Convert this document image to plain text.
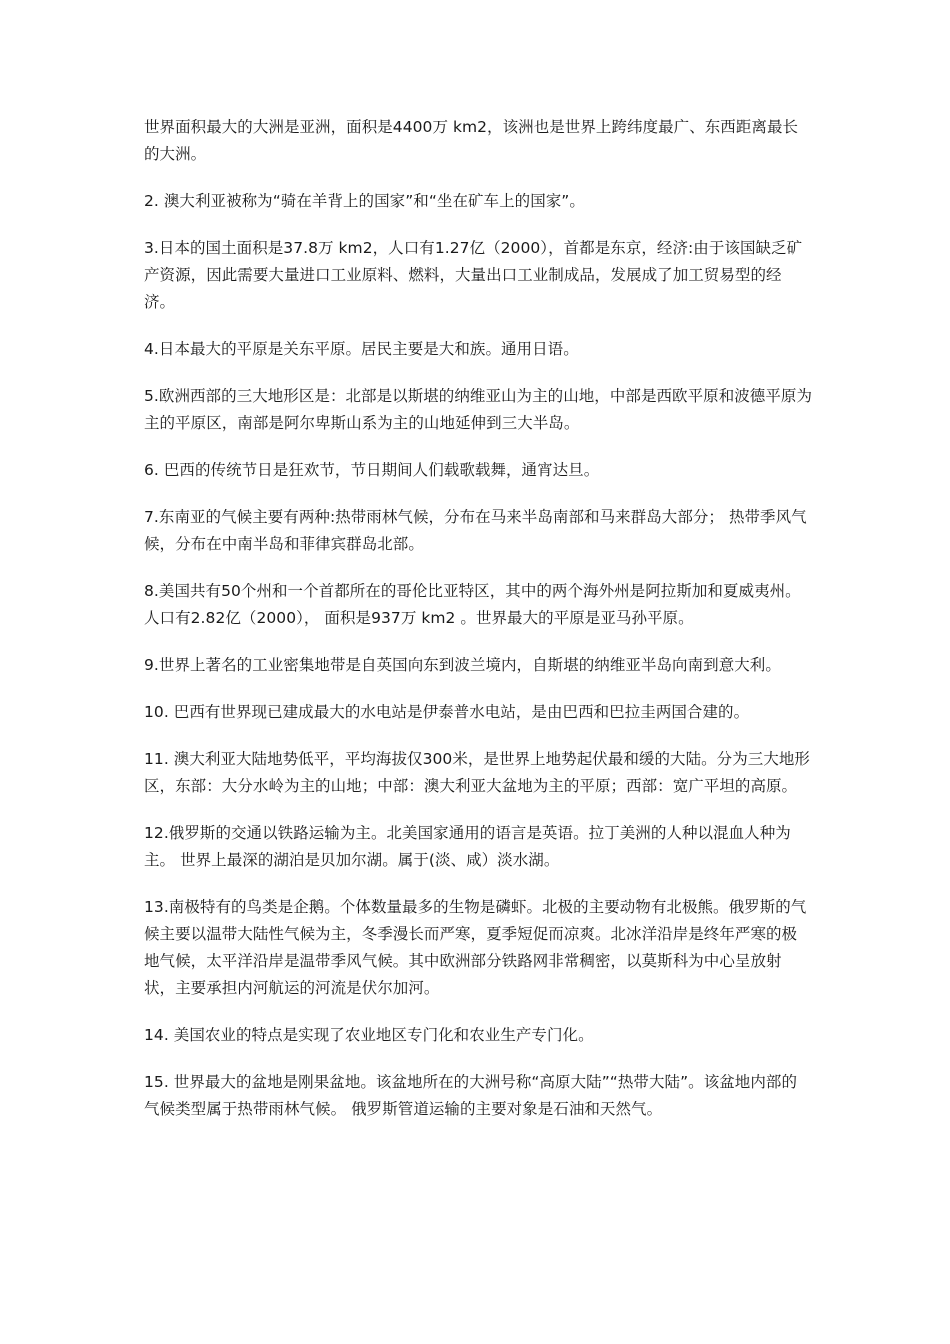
世界面积最大的大洲是亚洲，面积是4400万 km2，该洲也是世界上跨纬度最广、东西距离最长的大洲。

2. 澳大利亚被称为“骑在羊背上的国家”和“坐在矿车上的国家”。

3.日本的国土面积是37.8万 km2，人口有1.27亿（2000），首都是东京，经济:由于该国缺乏矿产资源，因此需要大量进口工业原料、燃料，大量出口工业制成品，发展成了加工贸易型的经济。

4.日本最大的平原是关东平原。居民主要是大和族。通用日语。

5.欧洲西部的三大地形区是：北部是以斯堪的纳维亚山为主的山地，中部是西欧平原和波德平原为主的平原区，南部是阿尔卑斯山系为主的山地延伸到三大半岛。

6. 巴西的传统节日是狂欢节，节日期间人们载歌载舞，通宵达旦。

7.东南亚的气候主要有两种:热带雨林气候，分布在马来半岛南部和马来群岛大部分； 热带季风气候，分布在中南半岛和菲律宾群岛北部。

8.美国共有50个州和一个首都所在的哥伦比亚特区，其中的两个海外州是阿拉斯加和夏威夷州。人口有2.82亿（2000）， 面积是937万 km2 。世界最大的平原是亚马孙平原。

9.世界上著名的工业密集地带是自英国向东到波兰境内，自斯堪的纳维亚半岛向南到意大利。

10. 巴西有世界现已建成最大的水电站是伊泰普水电站，是由巴西和巴拉圭两国合建的。

11. 澳大利亚大陆地势低平，平均海拔仅300米，是世界上地势起伏最和缓的大陆。分为三大地形区，东部：大分水岭为主的山地；中部：澳大利亚大盆地为主的平原；西部：宽广平坦的高原。

12.俄罗斯的交通以铁路运输为主。北美国家通用的语言是英语。拉丁美洲的人种以混血人种为主。 世界上最深的湖泊是贝加尔湖。属于(淡、咸）淡水湖。

13.南极特有的鸟类是企鹅。个体数量最多的生物是磷虾。北极的主要动物有北极熊。俄罗斯的气候主要以温带大陆性气候为主，冬季漫长而严寒，夏季短促而凉爽。北冰洋沿岸是终年严寒的极地气候，太平洋沿岸是温带季风气候。其中欧洲部分铁路网非常稠密，以莫斯科为中心呈放射状，主要承担内河航运的河流是伏尔加河。

14. 美国农业的特点是实现了农业地区专门化和农业生产专门化。

15. 世界最大的盆地是刚果盆地。该盆地所在的大洲号称“高原大陆”“热带大陆”。该盆地内部的气候类型属于热带雨林气候。 俄罗斯管道运输的主要对象是石油和天然气。
